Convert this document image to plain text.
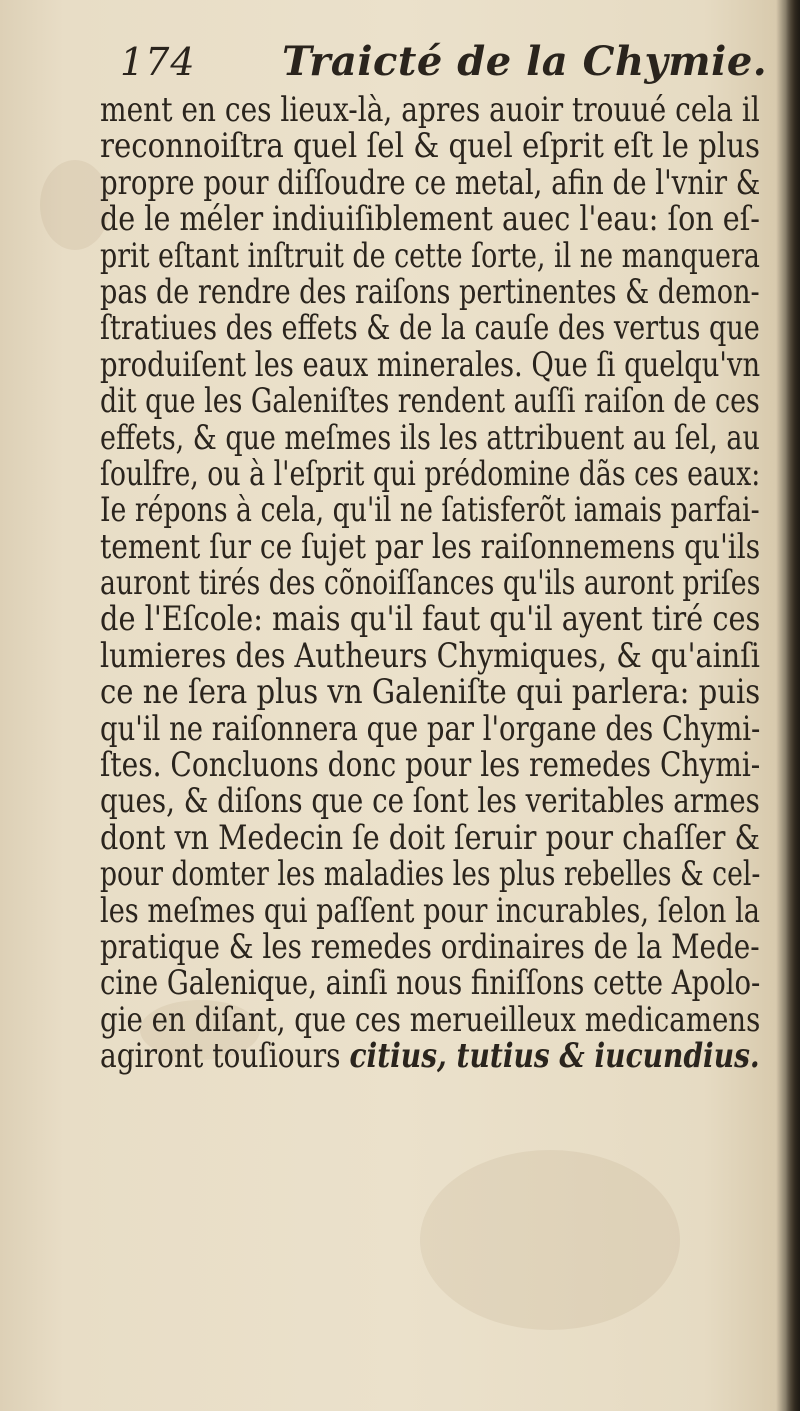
174 Traicté de la Chymie.
ment en ces lieux-là, apres auoir trouué cela il
reconnoiſtra quel ſel & quel eſprit eſt le plus
propre pour diſſoudre ce metal, afin de l'vnir &
de le méler indiuiſiblement auec l'eau: ſon eſ-
prit eſtant inſtruit de cette ſorte, il ne manquera
pas de rendre des raiſons pertinentes & demon-
ſtratiues des effets & de la cauſe des vertus que
produiſent les eaux minerales. Que ſi quelqu'vn
dit que les Galeniſtes rendent auſſi raiſon de ces
effets, & que meſmes ils les attribuent au ſel, au
ſoulfre, ou à l'eſprit qui prédomine dãs ces eaux:
Ie répons à cela, qu'il ne ſatisferõt iamais parfai-
tement ſur ce ſujet par les raiſonnemens qu'ils
auront tirés des cõnoiſſances qu'ils auront priſes
de l'Eſcole: mais qu'il faut qu'il ayent tiré ces
lumieres des Autheurs Chymiques, & qu'ainſi
ce ne ſera plus vn Galeniſte qui parlera: puis
qu'il ne raiſonnera que par l'organe des Chymi-
ſtes. Concluons donc pour les remedes Chymi-
ques, & diſons que ce ſont les veritables armes
dont vn Medecin ſe doit ſeruir pour chaſſer &
pour domter les maladies les plus rebelles & cel-
les meſmes qui paſſent pour incurables, ſelon la
pratique & les remedes ordinaires de la Mede-
cine Galenique, ainſi nous finiſſons cette Apolo-
gie en diſant, que ces merueilleux medicamens
agiront touſiours citius, tutius & iucundius.
